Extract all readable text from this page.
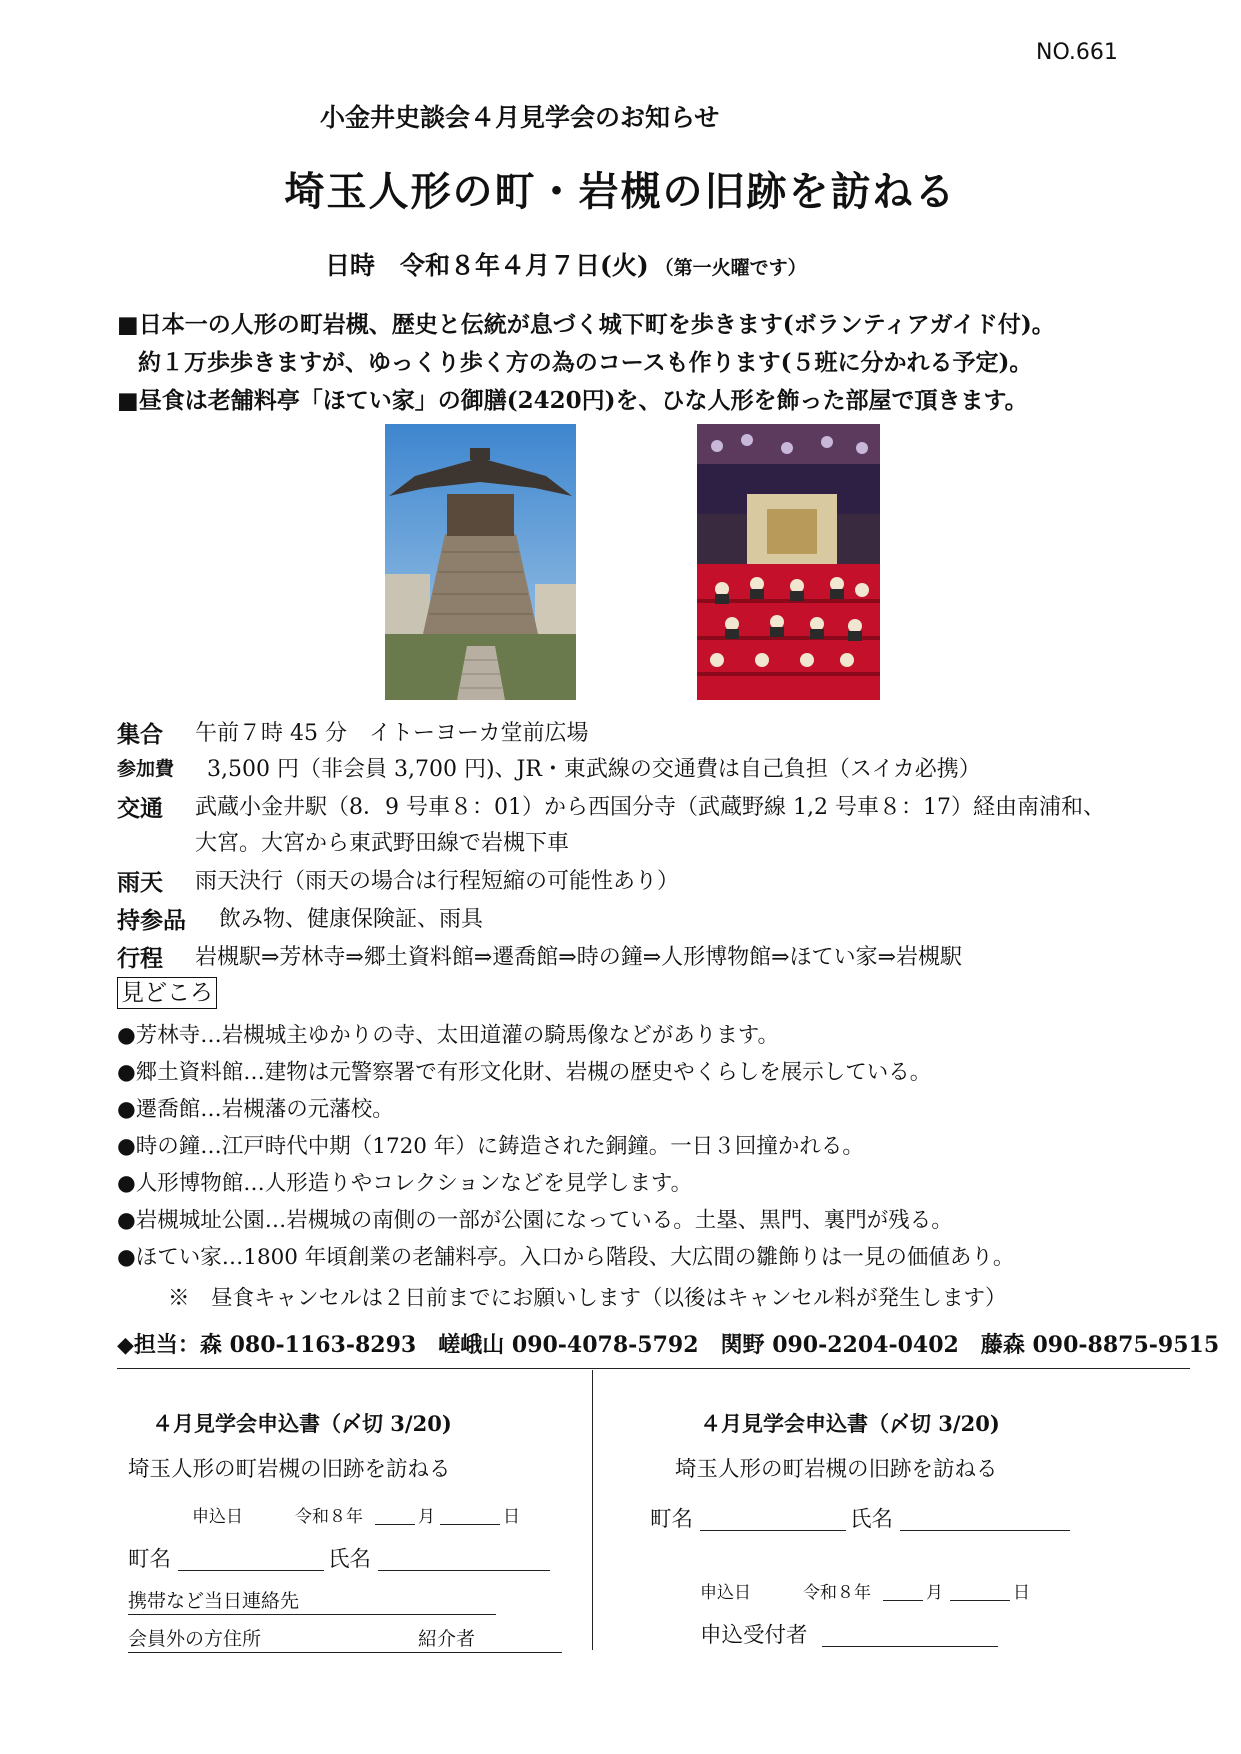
NO.661
小金井史談会４月見学会のお知らせ
埼玉人形の町・岩槻の旧跡を訪ねる
日時　令和８年４月７日(火) （第一火曜です）
■日本一の人形の町岩槻、歴史と伝統が息づく城下町を歩きます(ボランティアガイド付)。
約１万歩歩きますが、ゆっくり歩く方の為のコースも作ります(５班に分かれる予定)。
■昼食は老舗料亭「ほてい家」の御膳(2420円)を、ひな人形を飾った部屋で頂きます。
集合 午前７時 45 分　イトーヨーカ堂前広場
参加費 3,500 円（非会員 3,700 円)、JR・東武線の交通費は自己負担（スイカ必携）
交通 武蔵小金井駅（8．9 号車８：01）から西国分寺（武蔵野線 1,2 号車８：17）経由南浦和、
大宮。大宮から東武野田線で岩槻下車
雨天 雨天決行（雨天の場合は行程短縮の可能性あり）
持参品 飲み物、健康保険証、雨具
行程 岩槻駅⇒芳林寺⇒郷土資料館⇒遷喬館⇒時の鐘⇒人形博物館⇒ほてい家⇒岩槻駅
見どころ
●芳林寺…岩槻城主ゆかりの寺、太田道灌の騎馬像などがあります。
●郷土資料館…建物は元警察署で有形文化財、岩槻の歴史やくらしを展示している。
●遷喬館…岩槻藩の元藩校。
●時の鐘…江戸時代中期（1720 年）に鋳造された銅鐘。一日３回撞かれる。
●人形博物館…人形造りやコレクションなどを見学します。
●岩槻城址公園…岩槻城の南側の一部が公園になっている。土塁、黒門、裏門が残る。
●ほてい家…1800 年頃創業の老舗料亭。入口から階段、大広間の雛飾りは一見の価値あり。
※　昼食キャンセルは２日前までにお願いします（以後はキャンセル料が発生します）
◆担当：森 080-1163-8293　嵯峨山 090-4078-5792　関野 090-2204-0402　藤森 090-8875-9515
４月見学会申込書（〆切 3/20)
埼玉人形の町岩槻の旧跡を訪ねる
申込日	令和８年	月	日
町名	氏名
携帯など当日連絡先
会員外の方住所	紹介者
４月見学会申込書（〆切 3/20)
埼玉人形の町岩槻の旧跡を訪ねる
町名	氏名
申込日	令和８年	月	日
申込受付者
